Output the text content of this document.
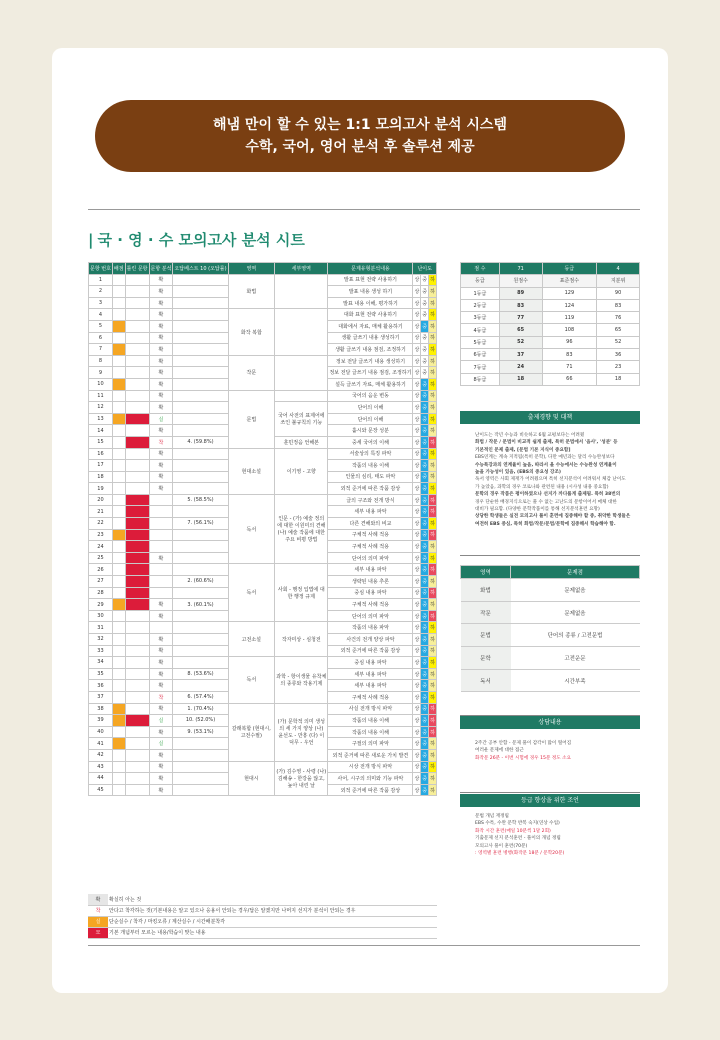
해냄 만이 할 수 있는 1:1 모의고사 분석 시스템
수학, 국어, 영어 분석 후 솔루션 제공
| 국 · 영 · 수 모의고사 분석 시트
문항 번호	배점	틀린 문항	문항 분석	오답베스트 10 (오답률)	영역	세부영역	문제유형분석내용	난이도		
1			확		화법		발표 표현 전략 사용하기	상	중	하
2			확				발표 내용 생성 하기	상	중	하
3			확				발표 내용 이해, 평가하기	상	중	하
4			확		화작 복합		대화 표현 전략 사용하기	상	중	하
5			확				대화에서 자료, 매체 활용하기	상	중	하
6			확				생활 글쓰기 내용 생성하기	상	중	하
7			확				생활 글쓰기 내용 점검, 조정하기	상	중	하
8			확		작문		정보 전달 글쓰기 내용 생성하기	상	중	하
9			확				정보 전달 글쓰기 내용 점검, 조정하기	상	중	하
10			확				설득 글쓰기 자료, 매체 활용하기	상	중	하
11			확		문법		국어의 음운 변동	상	중	하
12			확			국어 사전의 표제어에 쓰인 불규칙의 기능	단어의 이해	상	중	하
13			실				단어의 이해	상	중	하
14			확				홑시와 문장 성분	상	중	하
15			착	4. (59.8%)		훈민정음 언해본	중세 국어의 이해	상	중	하
16			확		현대소설	이기영 - 고향	서술상의 특징 파악	상	중	하
17			확				작품의 내용 이해	상	중	하
18			확				인물의 심리, 태도 파악	상	중	하
19			확				외적 준거에 따른 작품 감상	상	중	하
20				5. (58.5%)	독서	인문 - (가) 예술 정의에 대한 이원미의 견해 (나) 예술 작품에 대한 주요 비평 방법	글의 구조와 전개 방식	상	중	하
21							세부 내용 파악	상	중	하
22				7. (56.1%)			다른 견해와의 비교	상	중	하
23							구체적 사례 적용	상	중	하
24							구체적 사례 적용	상	중	하
25			확				단어의 의미 파악	상	중	하
26					독서	사회 - 행정 입법에 대한 행정 규제	세부 내용 파악	상	중	하
27				2. (60.6%)			생략된 내용 추론	상	중	하
28							중심 내용 파악	상	중	하
29			확	3. (60.1%)			구체적 사례 적용	상	중	하
30			확				단어의 의미 파악	상	중	하
31					고전소설	작자미상 - 심청전	작품의 내용 파악	상	중	하
32			확				사건의 전개 양상 파악	상	중	하
33			확				외적 준거에 따른 작품 감상	상	중	하
34			확		독서	과학 - 항이생물 유착체의 종류와 작용기제	중심 내용 파악	상	중	하
35			확	8. (53.6%)			세부 내용 파악	상	중	하
36			확				세부 내용 파악	상	중	하
37			착	6. (57.4%)			구체적 사례 적용	상	중	하
38			확	1. (70.4%)	갈래복합 (현대시, 고전수필)	(가) 문학적 의미 생성의 세 가지 양상 (나) 윤선도 - 만흥 (다) 이덕무 - 우언	사실 전개 방식 파악	상	중	하
39			실	10. (52.0%)			작품의 내용 이해	상	중	하
40			확	9. (53.1%)			작품의 내용 이해	상	중	하
41			실				구절의 의미 파악	상	중	하
42			확				외적 준거에 따른 새로운 가치 발견	상	중	하
43			확		현대시	(가) 김수영 - 사령 (나) 김해송 - 한강을 않고, 높아 내린 날	시상 전개 방식 파악	상	중	하
44			확				사어, 시구의 의미와 기능 파악	상	중	하
45			확				외적 준거에 따른 작품 감상	상	중	하
확	확실히 아는 것
착	안다고 착각하는 것(기본내용은 알고 있으나 응용이 안되는 경우/답은 알겠지만 나머지 선지가 분석이 안되는 경우
실	단순실수 / 착각 / 마킹오류 / 계산실수 / 시간배분착각
모	기본 개념부터 모르는 내용/학습이 맞는 내용
점 수	71	등급	4
등급	원점수	표준점수	지분위
1등급	89	129	90
2등급	83	124	83
3등급	77	119	76
4등급	65	108	65
5등급	52	96	52
6등급	37	83	36
7등급	24	71	23
8등급	18	66	18
출제경향 및 대책
난이도는 작년 수능과 비슷하고 6월 교평보다는 어려웠
화법 / 작문 / 문법이 비교적 쉽게 출제, 특히 문법에서 '음사', '성분' 등
기본적인 문제 출제, [문법 기본 지식이 중요함]
EBS연계는 계속 지적됨(특히 문학), 다만 예년과는 달리 수능완성보다
수능특강과의 연계율이 높음, 따라서 올 수능에서는 수능완성 연계율이
높을 가능성이 있음, (EBS의 중요성 강조)
독서 영역은 사회 제재가 어려웠으며 특히 선지분석이 어려워서 체감 난이도
가 높았음, 과학의 경우 코로나와 관련된 내용 (시사성 내용 중요함)
문학의 경우 작품은 평이하였으나 선지가 까다롭게 출제됨. 특히 38번의
경우 단순한 배경지식으로는 풀 수 없는 고난도의 문항이어서 매체 대한
대비가 필요함. (다양한 문학작품이를 통해 선지분석훈련 요망)
상당한 학생들은 실전 모의고사 풀이 훈련에 집중해야 할 중, 취약한 학생들은
여전히 EBS 중심, 특히 화법/작문/문법/문학에 집중해서 학습해야 함.
영역	문제점
화법	문제없음
작문	문제없음
문법	단어의 종류 / 고전문법
문학	고전운문
독서	시간부족
상담내용
2주간 공부 안함 - 문제 풀이 감각이 많이 떨어짐
여러운 문제에 대한 접근
화작문 26분 - 이번 시험에 경우 15분 정도 소요
등급 향상을 위한 조언
문법 개념 재정립
EBS 수특, 수완 문학 반복 숙지(연상 수업)
화작 시간 훈련(매일 10분씩 1달 2회)
기출문제 선지 분석훈련 - 풀이의 개념 정립
모의고사 풀이 훈련(70분)
: 영역별 훈련 병행(화작문 18분 / 문학20분)
